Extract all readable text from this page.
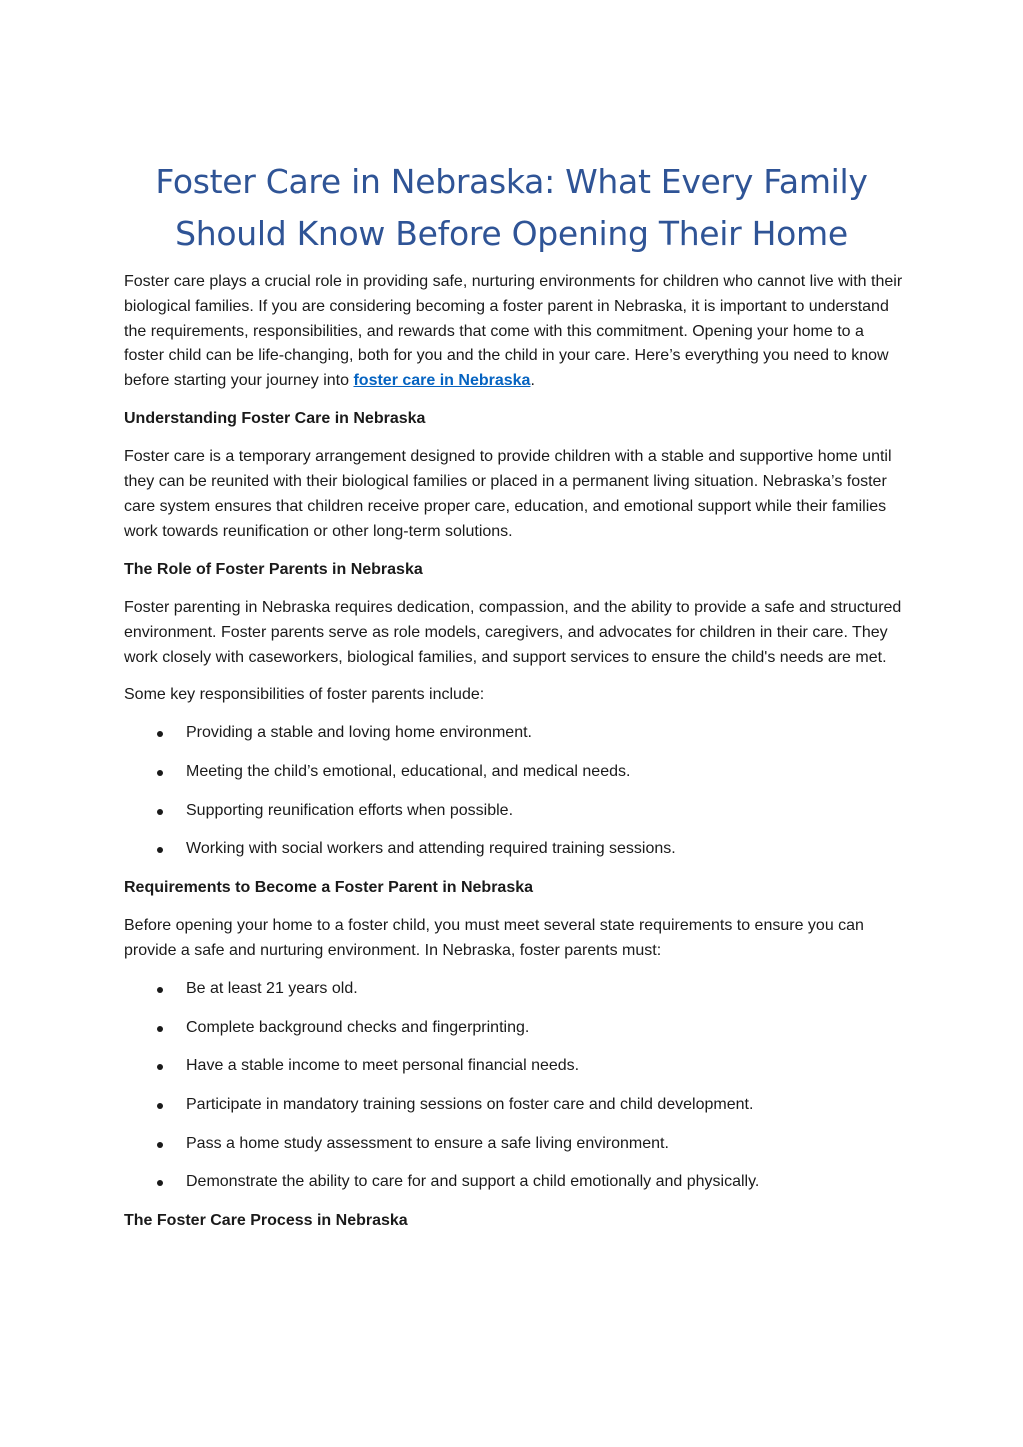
Foster Care in Nebraska: What Every Family
Should Know Before Opening Their Home

Foster care plays a crucial role in providing safe, nurturing environments for children who cannot live with their biological families. If you are considering becoming a foster parent in Nebraska, it is important to understand the requirements, responsibilities, and rewards that come with this commitment. Opening your home to a foster child can be life-changing, both for you and the child in your care. Here’s everything you need to know before starting your journey into foster care in Nebraska.

Understanding Foster Care in Nebraska

Foster care is a temporary arrangement designed to provide children with a stable and supportive home until they can be reunited with their biological families or placed in a permanent living situation. Nebraska’s foster care system ensures that children receive proper care, education, and emotional support while their families work towards reunification or other long-term solutions.

The Role of Foster Parents in Nebraska

Foster parenting in Nebraska requires dedication, compassion, and the ability to provide a safe and structured environment. Foster parents serve as role models, caregivers, and advocates for children in their care. They work closely with caseworkers, biological families, and support services to ensure the child's needs are met.

Some key responsibilities of foster parents include:

Providing a stable and loving home environment.
Meeting the child’s emotional, educational, and medical needs.
Supporting reunification efforts when possible.
Working with social workers and attending required training sessions.
Requirements to Become a Foster Parent in Nebraska

Before opening your home to a foster child, you must meet several state requirements to ensure you can provide a safe and nurturing environment. In Nebraska, foster parents must:

Be at least 21 years old.
Complete background checks and fingerprinting.
Have a stable income to meet personal financial needs.
Participate in mandatory training sessions on foster care and child development.
Pass a home study assessment to ensure a safe living environment.
Demonstrate the ability to care for and support a child emotionally and physically.
The Foster Care Process in Nebraska
